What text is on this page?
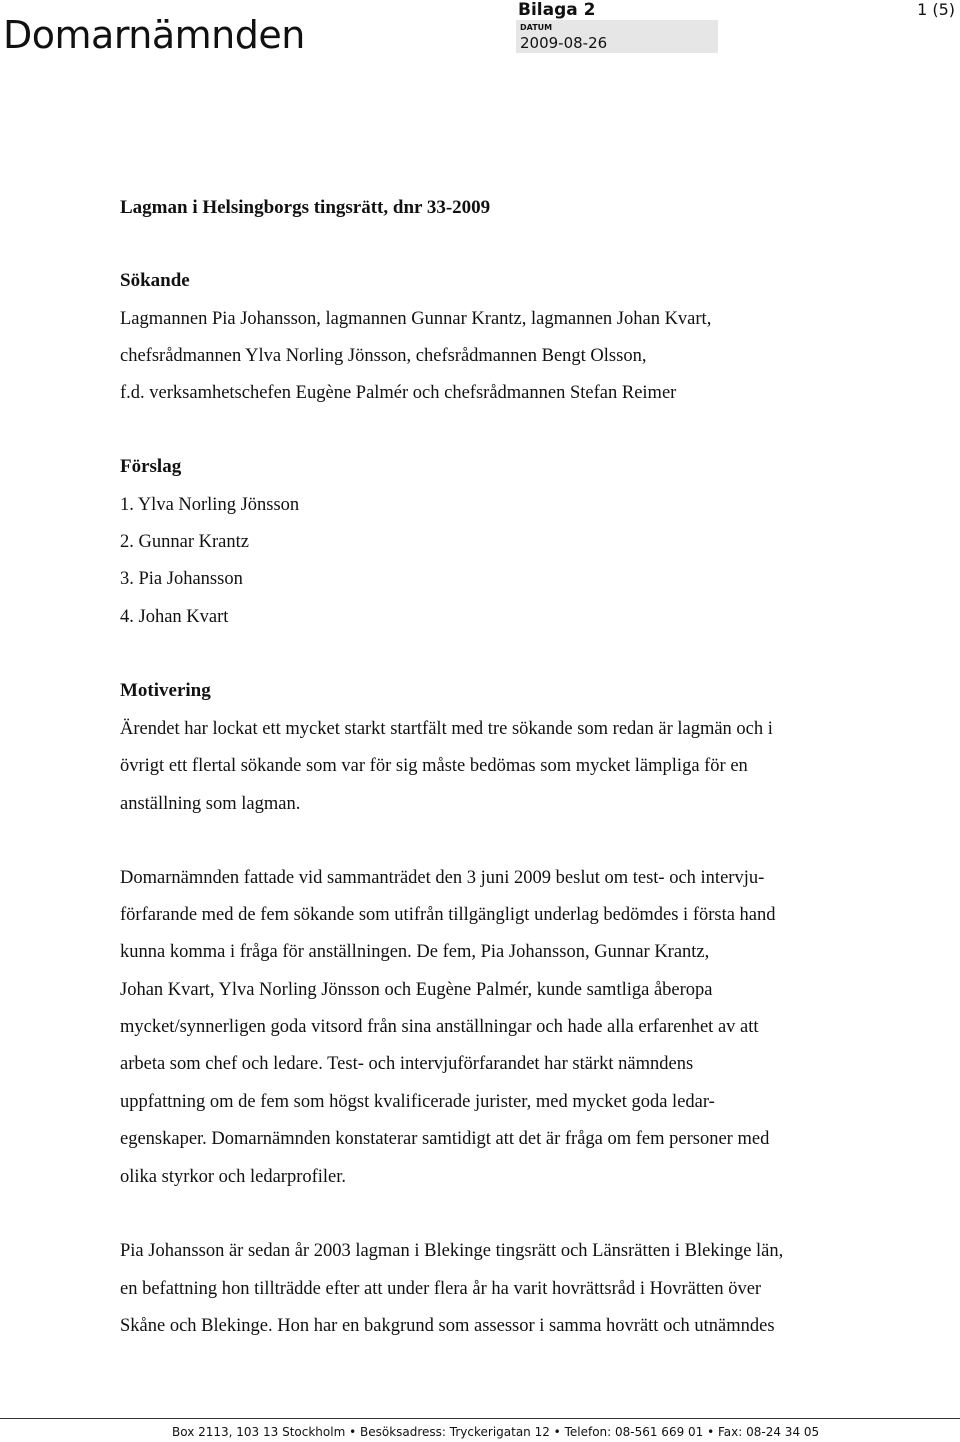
Domarnämnden
Bilaga 2
DATUM
2009-08-26
1 (5)
Lagman i Helsingborgs tingsrätt, dnr 33-2009
Sökande
Lagmannen Pia Johansson, lagmannen Gunnar Krantz, lagmannen Johan Kvart,
chefsrådmannen Ylva Norling Jönsson, chefsrådmannen Bengt Olsson,
f.d. verksamhetschefen Eugène Palmér och chefsrådmannen Stefan Reimer
Förslag
1. Ylva Norling Jönsson
2. Gunnar Krantz
3. Pia Johansson
4. Johan Kvart
Motivering
Ärendet har lockat ett mycket starkt startfält med tre sökande som redan är lagmän och i
övrigt ett flertal sökande som var för sig måste bedömas som mycket lämpliga för en
anställning som lagman.
Domarnämnden fattade vid sammanträdet den 3 juni 2009 beslut om test- och intervju-
förfarande med de fem sökande som utifrån tillgängligt underlag bedömdes i första hand
kunna komma i fråga för anställningen. De fem, Pia Johansson, Gunnar Krantz,
Johan Kvart, Ylva Norling Jönsson och Eugène Palmér, kunde samtliga åberopa
mycket/synnerligen goda vitsord från sina anställningar och hade alla erfarenhet av att
arbeta som chef och ledare. Test- och intervjuförfarandet har stärkt nämndens
uppfattning om de fem som högst kvalificerade jurister, med mycket goda ledar-
egenskaper. Domarnämnden konstaterar samtidigt att det är fråga om fem personer med
olika styrkor och ledarprofiler.
Pia Johansson är sedan år 2003 lagman i Blekinge tingsrätt och Länsrätten i Blekinge län,
en befattning hon tillträdde efter att under flera år ha varit hovrättsråd i Hovrätten över
Skåne och Blekinge. Hon har en bakgrund som assessor i samma hovrätt och utnämndes
Box 2113, 103 13 Stockholm • Besöksadress: Tryckerigatan 12 • Telefon: 08-561 669 01 • Fax: 08-24 34 05
